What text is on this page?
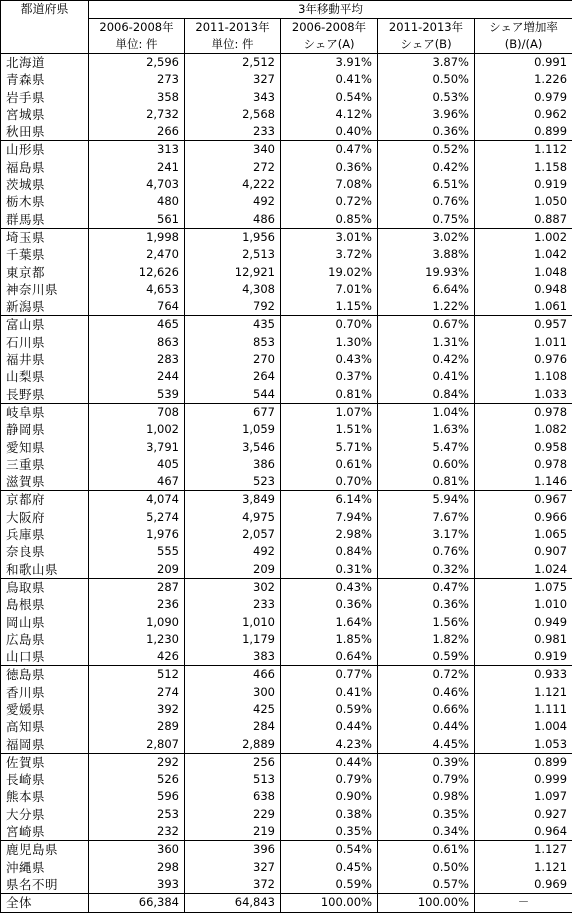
都道府県	3年移動平均				
	2006-2008年	2011-2013年	2006-2008年	2011-2013年	シェア増加率
	単位: 件	単位: 件	シェア(A)	シェア(B)	(B)/(A)
北海道	2,596	2,512	3.91%	3.87%	0.991
青森県	273	327	0.41%	0.50%	1.226
岩手県	358	343	0.54%	0.53%	0.979
宮城県	2,732	2,568	4.12%	3.96%	0.962
秋田県	266	233	0.40%	0.36%	0.899
山形県	313	340	0.47%	0.52%	1.112
福島県	241	272	0.36%	0.42%	1.158
茨城県	4,703	4,222	7.08%	6.51%	0.919
栃木県	480	492	0.72%	0.76%	1.050
群馬県	561	486	0.85%	0.75%	0.887
埼玉県	1,998	1,956	3.01%	3.02%	1.002
千葉県	2,470	2,513	3.72%	3.88%	1.042
東京都	12,626	12,921	19.02%	19.93%	1.048
神奈川県	4,653	4,308	7.01%	6.64%	0.948
新潟県	764	792	1.15%	1.22%	1.061
富山県	465	435	0.70%	0.67%	0.957
石川県	863	853	1.30%	1.31%	1.011
福井県	283	270	0.43%	0.42%	0.976
山梨県	244	264	0.37%	0.41%	1.108
長野県	539	544	0.81%	0.84%	1.033
岐阜県	708	677	1.07%	1.04%	0.978
静岡県	1,002	1,059	1.51%	1.63%	1.082
愛知県	3,791	3,546	5.71%	5.47%	0.958
三重県	405	386	0.61%	0.60%	0.978
滋賀県	467	523	0.70%	0.81%	1.146
京都府	4,074	3,849	6.14%	5.94%	0.967
大阪府	5,274	4,975	7.94%	7.67%	0.966
兵庫県	1,976	2,057	2.98%	3.17%	1.065
奈良県	555	492	0.84%	0.76%	0.907
和歌山県	209	209	0.31%	0.32%	1.024
鳥取県	287	302	0.43%	0.47%	1.075
島根県	236	233	0.36%	0.36%	1.010
岡山県	1,090	1,010	1.64%	1.56%	0.949
広島県	1,230	1,179	1.85%	1.82%	0.981
山口県	426	383	0.64%	0.59%	0.919
徳島県	512	466	0.77%	0.72%	0.933
香川県	274	300	0.41%	0.46%	1.121
愛媛県	392	425	0.59%	0.66%	1.111
高知県	289	284	0.44%	0.44%	1.004
福岡県	2,807	2,889	4.23%	4.45%	1.053
佐賀県	292	256	0.44%	0.39%	0.899
長崎県	526	513	0.79%	0.79%	0.999
熊本県	596	638	0.90%	0.98%	1.097
大分県	253	229	0.38%	0.35%	0.927
宮崎県	232	219	0.35%	0.34%	0.964
鹿児島県	360	396	0.54%	0.61%	1.127
沖縄県	298	327	0.45%	0.50%	1.121
県名不明	393	372	0.59%	0.57%	0.969
全体	66,384	64,843	100.00%	100.00%	－
